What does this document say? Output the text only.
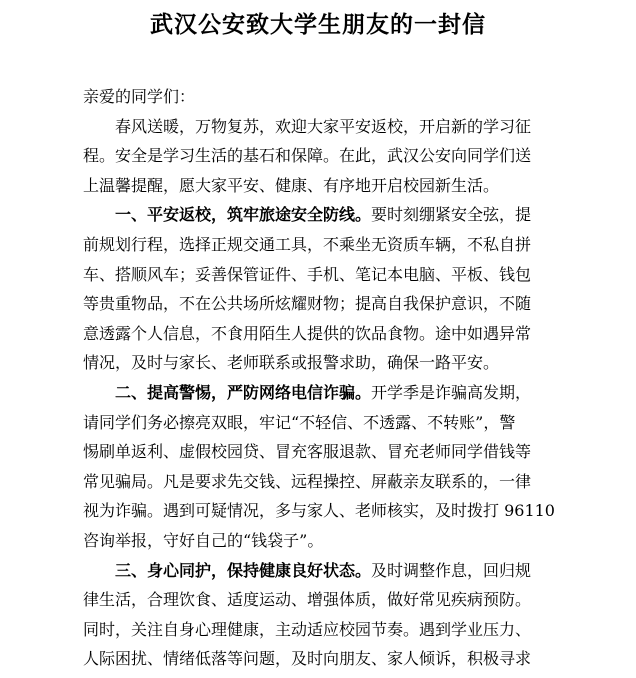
武汉公安致大学生朋友的一封信
亲爱的同学们：
春风送暖，万物复苏，欢迎大家平安返校，开启新的学习征
程。安全是学习生活的基石和保障。在此，武汉公安向同学们送
上温馨提醒，愿大家平安、健康、有序地开启校园新生活。
一、平安返校，筑牢旅途安全防线。 要时刻绷紧安全弦，提
前规划行程，选择正规交通工具，不乘坐无资质车辆，不私自拼
车、搭顺风车；妥善保管证件、手机、笔记本电脑、平板、钱包
等贵重物品，不在公共场所炫耀财物；提高自我保护意识，不随
意透露个人信息，不食用陌生人提供的饮品食物。途中如遇异常
情况，及时与家长、老师联系或报警求助，确保一路平安。
二、提高警惕，严防网络电信诈骗。 开学季是诈骗高发期，
请同学们务必擦亮双眼，牢记“不轻信、不透露、不转账”，警
惕刷单返利、虚假校园贷、冒充客服退款、冒充老师同学借钱等
常见骗局。凡是要求先交钱、远程操控、屏蔽亲友联系的，一律
视为诈骗。遇到可疑情况，多与家人、老师核实，及时拨打 96110
咨询举报，守好自己的“钱袋子”。
三、身心同护，保持健康良好状态。 及时调整作息，回归规
律生活，合理饮食、适度运动、增强体质，做好常见疾病预防。
同时，关注自身心理健康，主动适应校园节奏。遇到学业压力、
人际困扰、情绪低落等问题，及时向朋友、家人倾诉，积极寻求
